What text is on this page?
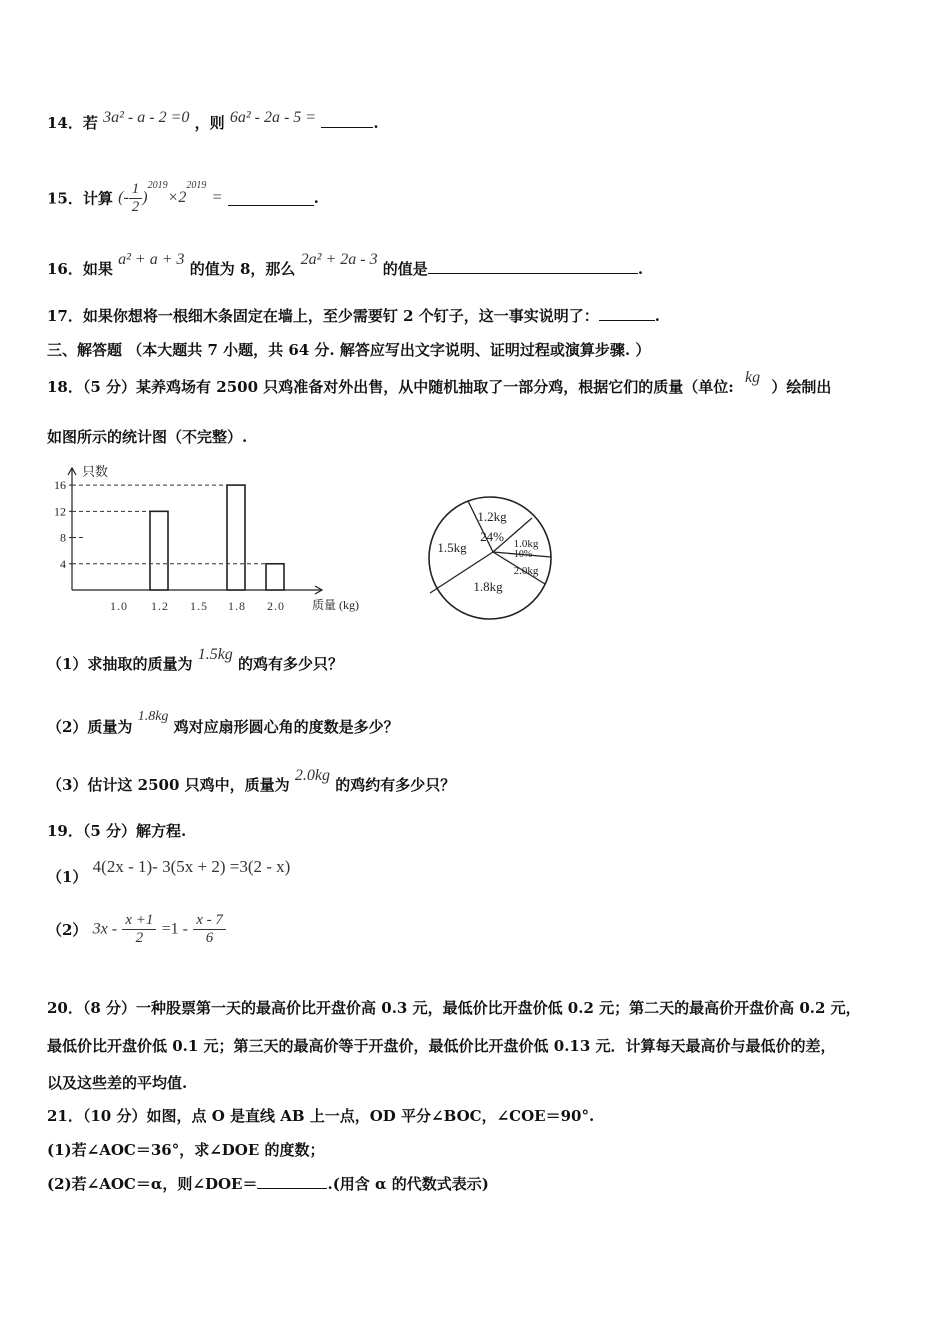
14．若 3a² - a - 2 =0 ，则 6a² - 2a - 5 =	.
15．计算 (- $\frac{1}{2} )^{2019}\times 2^{2019}$ =	.
16．如果 a² + a + 3 的值为 8，那么 2a² + 2a - 3 的值是	.
17．如果你想将一根细木条固定在墙上，至少需要钉 2 个钉子，这一事实说明了：	.
三、解答题 （本大题共 7 小题，共 64 分. 解答应写出文字说明、证明过程或演算步骤. ）
18．（5 分）某养鸡场有 2500 只鸡准备对外出售，从中随机抽取了一部分鸡，根据它们的质量（单位: kg ）绘制出
如图所示的统计图（不完整）.
只数
质量 (kg)
16
12
8
4
1.0 1.2 1.5 1.8 2.0
1.2kg
1.0kg
2.0kg
1.8kg
1.5kg
24%
10%
（1）求抽取的质量为 1.5kg 的鸡有多少只？
（2）质量为 1.8kg 鸡对应扇形圆心角的度数是多少？
（3）估计这 2500 只鸡中，质量为 2.0kg 的鸡约有多少只？
19．（5 分）解方程.
（1） 4(2x - 1)- 3(5x + 2) =3(2 - x)
（2） $3x - \frac{x +1}{2} =1 - \frac{x - 7}{6}$
20．（8 分）一种股票第一天的最高价比开盘价高 0.3 元，最低价比开盘价低 0.2 元；第二天的最高价开盘价高 0.2 元，
最低价比开盘价低 0.1 元；第三天的最高价等于开盘价，最低价比开盘价低 0.13 元．计算每天最高价与最低价的差，
以及这些差的平均值.
21．（10 分）如图，点 O 是直线 AB 上一点，OD 平分∠BOC，∠COE＝90°.
(1)若∠AOC＝36°，求∠DOE 的度数；
(2)若∠AOC＝α，则∠DOE＝	.(用含 α 的代数式表示)
